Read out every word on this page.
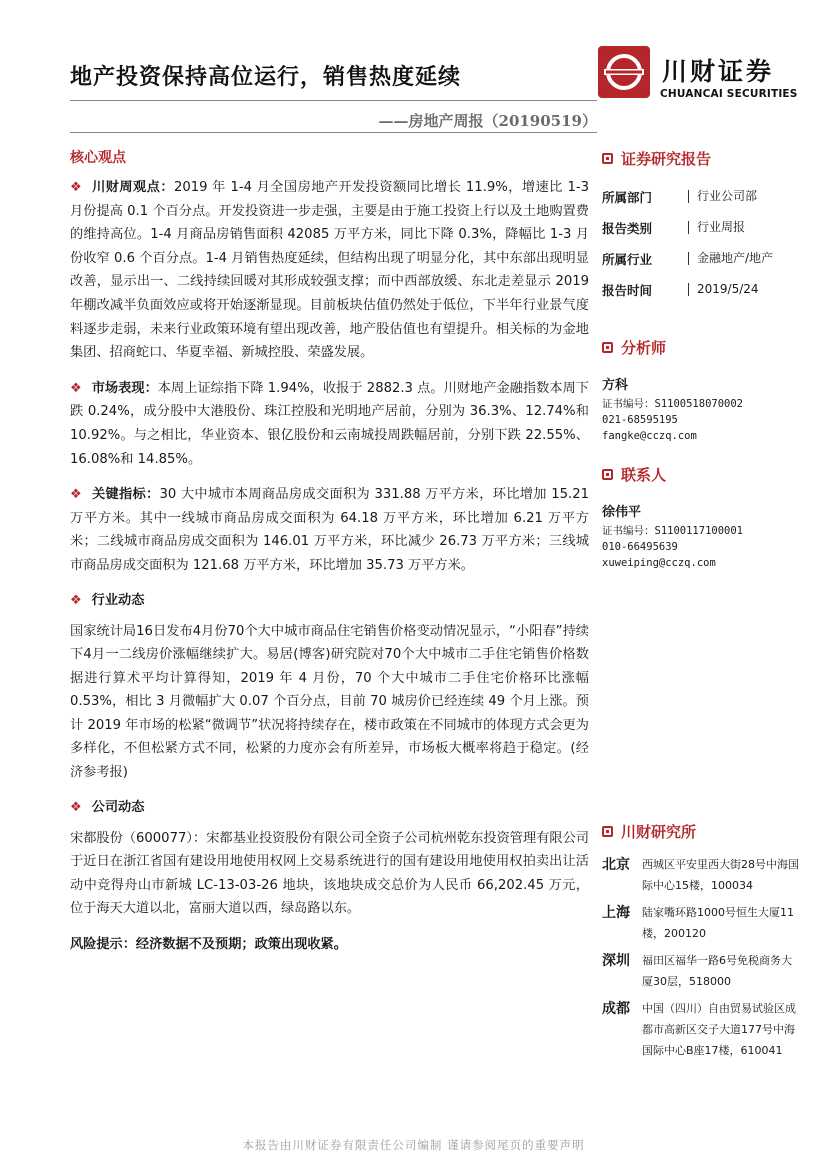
地产投资保持高位运行，销售热度延续	川财证券
CHUANCAI SECURITIES
——房地产周报（20190519）
核心观点
❖ 川财周观点：2019 年 1-4 月全国房地产开发投资额同比增长 11.9%，增速比 1-3 月份提高 0.1 个百分点。开发投资进一步走强，主要是由于施工投资上行以及土地购置费的维持高位。1-4 月商品房销售面积 42085 万平方米，同比下降 0.3%，降幅比 1-3 月份收窄 0.6 个百分点。1-4 月销售热度延续，但结构出现了明显分化，其中东部出现明显改善，显示出一、二线持续回暖对其形成较强支撑；而中西部放缓、东北走差显示 2019 年棚改减半负面效应或将开始逐渐显现。目前板块估值仍然处于低位，下半年行业景气度料逐步走弱，未来行业政策环境有望出现改善，地产股估值也有望提升。相关标的为金地集团、招商蛇口、华夏幸福、新城控股、荣盛发展。
❖ 市场表现：本周上证综指下降 1.94%，收报于 2882.3 点。川财地产金融指数本周下跌 0.24%，成分股中大港股份、珠江控股和光明地产居前，分别为 36.3%、12.74%和 10.92%。与之相比，华业资本、银亿股份和云南城投周跌幅居前，分别下跌 22.55%、16.08%和 14.85%。
❖ 关键指标：30 大中城市本周商品房成交面积为 331.88 万平方米，环比增加 15.21 万平方米。其中一线城市商品房成交面积为 64.18 万平方米，环比增加 6.21 万平方米；二线城市商品房成交面积为 146.01 万平方米，环比减少 26.73 万平方米；三线城市商品房成交面积为 121.68 万平方米，环比增加 35.73 万平方米。
❖ 行业动态
国家统计局16日发布4月份70个大中城市商品住宅销售价格变动情况显示，“小阳春”持续下4月一二线房价涨幅继续扩大。易居(博客)研究院对70个大中城市二手住宅销售价格数据进行算术平均计算得知，2019 年 4 月份，70 个大中城市二手住宅价格环比涨幅 0.53%，相比 3 月微幅扩大 0.07 个百分点，目前 70 城房价已经连续 49 个月上涨。预计 2019 年市场的松紧“微调节”状况将持续存在，楼市政策在不同城市的体现方式会更为多样化，不但松紧方式不同，松紧的力度亦会有所差异，市场板大概率将趋于稳定。(经济参考报)
❖ 公司动态
宋都股份（600077）：宋都基业投资股份有限公司全资子公司杭州乾东投资管理有限公司于近日在浙江省国有建设用地使用权网上交易系统进行的国有建设用地使用权拍卖出让活动中竞得舟山市新城 LC-13-03-26 地块，该地块成交总价为人民币 66,202.45 万元，位于海天大道以北，富丽大道以西，绿岛路以东。
风险提示：经济数据不及预期；政策出现收紧。
证券研究报告
所属部门	行业公司部
报告类别	行业周报
所属行业	金融地产/地产
报告时间	2019/5/24
分析师
方科
证书编号：S1100518070002
021-68595195
fangke@cczq.com
联系人
徐伟平
证书编号：S1100117100001
010-66495639
xuweiping@cczq.com
川财研究所
北京	西城区平安里西大街28号中海国际中心15楼，100034
上海	陆家嘴环路1000号恒生大厦11楼，200120
深圳	福田区福华一路6号免税商务大厦30层，518000
成都	中国（四川）自由贸易试验区成都市高新区交子大道177号中海国际中心B座17楼，610041
本报告由川财证券有限责任公司编制 谨请参阅尾页的重要声明
